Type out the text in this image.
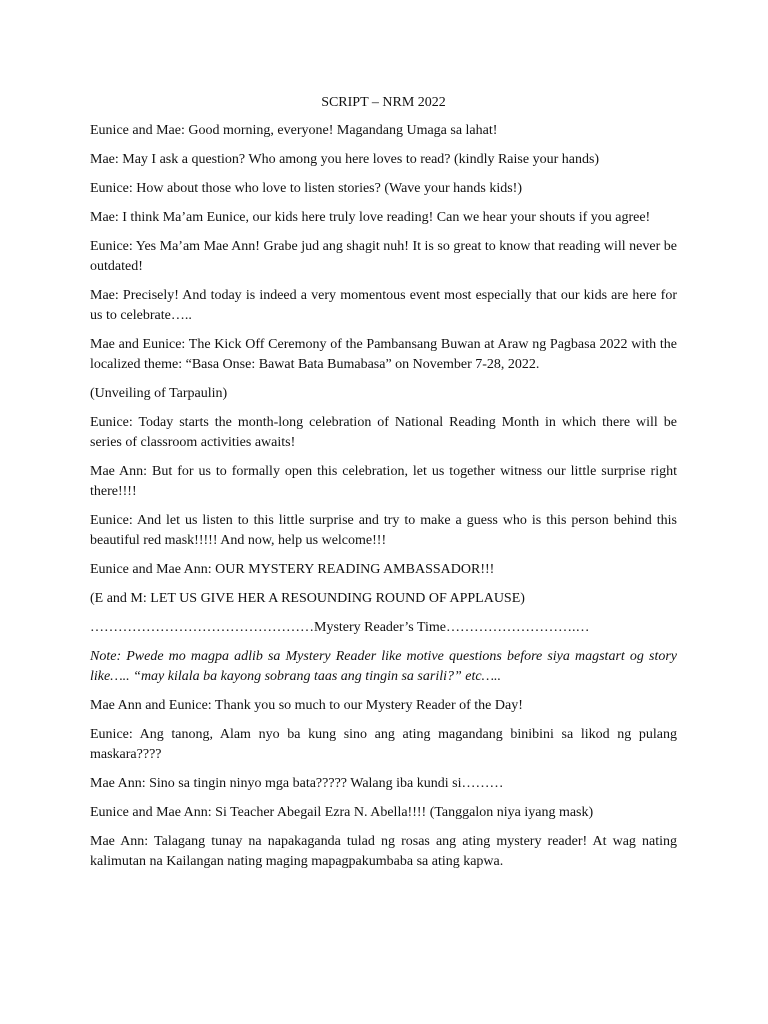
SCRIPT – NRM 2022

Eunice and Mae: Good morning, everyone! Magandang Umaga sa lahat!

Mae: May I ask a question? Who among you here loves to read? (kindly Raise your hands)

Eunice: How about those who love to listen stories? (Wave your hands kids!)

Mae: I think Ma’am Eunice, our kids here truly love reading! Can we hear your shouts if you agree!

Eunice: Yes Ma’am Mae Ann! Grabe jud ang shagit nuh! It is so great to know that reading will never be outdated!

Mae: Precisely! And today is indeed a very momentous event most especially that our kids are here for us to celebrate…..

Mae and Eunice: The Kick Off Ceremony of the Pambansang Buwan at Araw ng Pagbasa 2022 with the localized theme: “Basa Onse: Bawat Bata Bumabasa” on November 7-28, 2022.

(Unveiling of Tarpaulin)

Eunice: Today starts the month-long celebration of National Reading Month in which there will be series of classroom activities awaits!

Mae Ann: But for us to formally open this celebration, let us together witness our little surprise right there!!!!

Eunice: And let us listen to this little surprise and try to make a guess who is this person behind this beautiful red mask!!!!! And now, help us welcome!!!

Eunice and Mae Ann: OUR MYSTERY READING AMBASSADOR!!!

(E and M: LET US GIVE HER A RESOUNDING ROUND OF APPLAUSE)

…………………………………………Mystery Reader’s Time……………………….…

Note: Pwede mo magpa adlib sa Mystery Reader like motive questions before siya magstart og story like….. “may kilala ba kayong sobrang taas ang tingin sa sarili?” etc…..

Mae Ann and Eunice: Thank you so much to our Mystery Reader of the Day!

Eunice: Ang tanong, Alam nyo ba kung sino ang ating magandang binibini sa likod ng pulang maskara????

Mae Ann: Sino sa tingin ninyo mga bata????? Walang iba kundi si………

Eunice and Mae Ann: Si Teacher Abegail Ezra N. Abella!!!! (Tanggalon niya iyang mask)

Mae Ann: Talagang tunay na napakaganda tulad ng rosas ang ating mystery reader! At wag nating kalimutan na Kailangan nating maging mapagpakumbaba sa ating kapwa.
